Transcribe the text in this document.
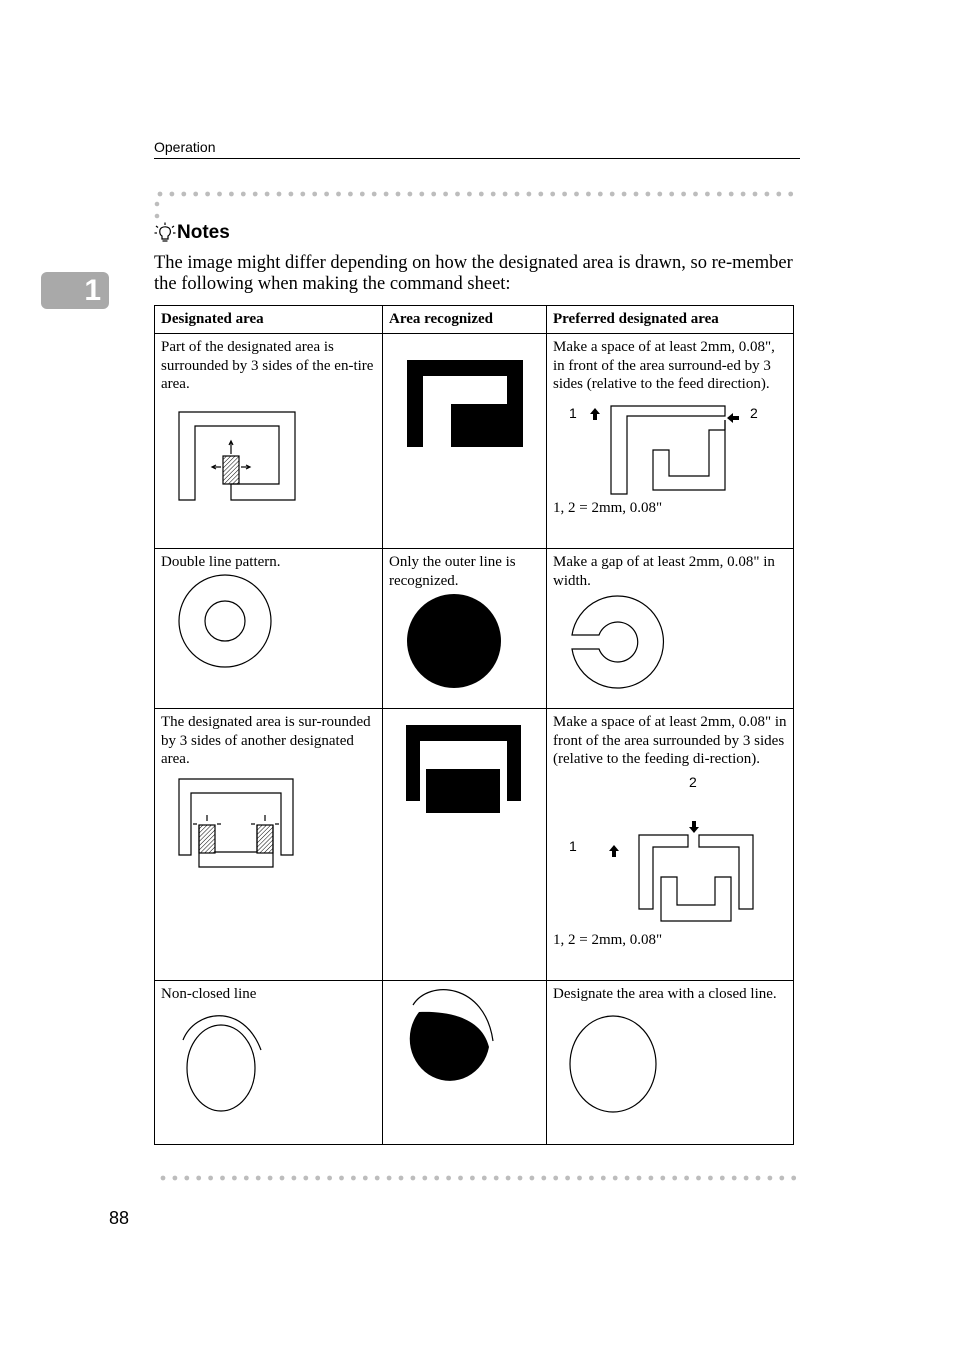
Operation
1
Notes
The image might differ depending on how the designated area is drawn, so re-member the following when making the command sheet:
Designated area	Area recognized	Preferred designated area

Part of the designated area is surrounded by 3 sides of the en-tire area.		Make a space of at least 2mm, 0.08", in front of the area surround-ed by 3 sides (relative to the feed direction).
1 2
1, 2 = 2mm, 0.08"

Double line pattern.	Only the outer line is recognized.	Make a gap of at least 2mm, 0.08" in width.

The designated area is sur-rounded by 3 sides of another designated area.		Make a space of at least 2mm, 0.08" in front of the area surrounded by 3 sides (relative to the feeding di-rection).
2
1
1, 2 = 2mm, 0.08"

Non-closed line		Designate the area with a closed line.
88
